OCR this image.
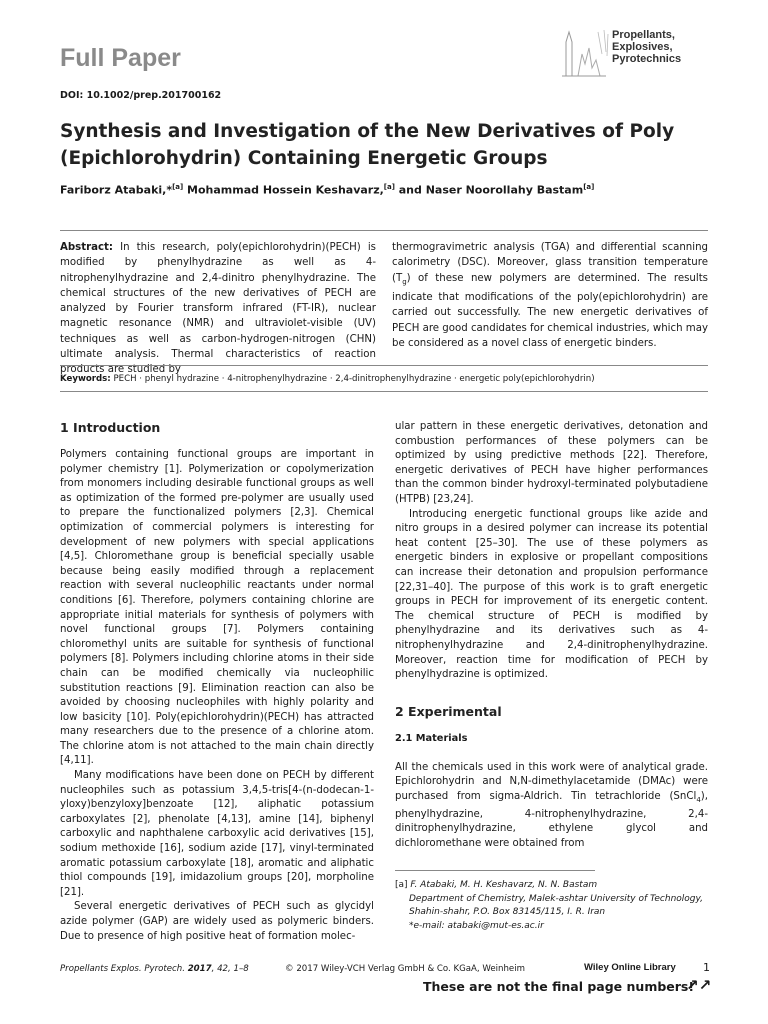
Full Paper
Propellants,
Explosives,
Pyrotechnics
DOI: 10.1002/prep.201700162
Synthesis and Investigation of the New Derivatives of Poly (Epichlorohydrin) Containing Energetic Groups
Fariborz Atabaki,*[a] Mohammad Hossein Keshavarz,[a] and Naser Noorollahy Bastam[a]
Abstract: In this research, poly(epichlorohydrin)(PECH) is modified by phenylhydrazine as well as 4-nitrophenylhydrazine and 2,4-dinitro phenylhydrazine. The chemical structures of the new derivatives of PECH are analyzed by Fourier transform infrared (FT-IR), nuclear magnetic resonance (NMR) and ultraviolet-visible (UV) techniques as well as carbon-hydrogen-nitrogen (CHN) ultimate analysis. Thermal characteristics of reaction products are studied by
thermogravimetric analysis (TGA) and differential scanning calorimetry (DSC). Moreover, glass transition temperature $(T_g)$ of these new polymers are determined. The results indicate that modifications of the poly(epichlorohydrin) are carried out successfully. The new energetic derivatives of PECH are good candidates for chemical industries, which may be considered as a novel class of energetic binders.
Keywords: PECH · phenyl hydrazine · 4-nitrophenylhydrazine · 2,4-dinitrophenylhydrazine · energetic poly(epichlorohydrin)
1 Introduction

Polymers containing functional groups are important in polymer chemistry [1]. Polymerization or copolymerization from monomers including desirable functional groups as well as optimization of the formed pre-polymer are usually used to prepare the functionalized polymers [2,3]. Chemical optimization of commercial polymers is interesting for development of new polymers with special applications [4,5]. Chloromethane group is beneficial specially usable because being easily modified through a replacement reaction with several nucleophilic reactants under normal conditions [6]. Therefore, polymers containing chlorine are appropriate initial materials for synthesis of polymers with novel functional groups [7]. Polymers containing chloromethyl units are suitable for synthesis of functional polymers [8]. Polymers including chlorine atoms in their side chain can be modified chemically via nucleophilic substitution reactions [9]. Elimination reaction can also be avoided by choosing nucleophiles with highly polarity and low basicity [10]. Poly(epichlorohydrin)(PECH) has attracted many researchers due to the presence of a chlorine atom. The chlorine atom is not attached to the main chain directly [4,11].

Many modifications have been done on PECH by different nucleophiles such as potassium 3,4,5-tris[4-(n-dodecan-1-yloxy)benzyloxy]benzoate [12], aliphatic potassium carboxylates [2], phenolate [4,13], amine [14], biphenyl carboxylic and naphthalene carboxylic acid derivatives [15], sodium methoxide [16], sodium azide [17], vinyl-terminated aromatic potassium carboxylate [18], aromatic and aliphatic thiol compounds [19], imidazolium groups [20], morpholine [21].

Several energetic derivatives of PECH such as glycidyl azide polymer (GAP) are widely used as polymeric binders. Due to presence of high positive heat of formation molec-

ular pattern in these energetic derivatives, detonation and combustion performances of these polymers can be optimized by using predictive methods [22]. Therefore, energetic derivatives of PECH have higher performances than the common binder hydroxyl-terminated polybutadiene (HTPB) [23,24].

Introducing energetic functional groups like azide and nitro groups in a desired polymer can increase its potential heat content [25–30]. The use of these polymers as energetic binders in explosive or propellant compositions can increase their detonation and propulsion performance [22,31–40]. The purpose of this work is to graft energetic groups in PECH for improvement of its energetic content. The chemical structure of PECH is modified by phenylhydrazine and its derivatives such as 4-nitrophenylhydrazine and 2,4-dinitrophenylhydrazine. Moreover, reaction time for modification of PECH by phenylhydrazine is optimized.

2 Experimental
2.1 Materials

All the chemicals used in this work were of analytical grade. Epichlorohydrin and N,N-dimethylacetamide (DMAc) were purchased from sigma-Aldrich. Tin tetrachloride (SnCl$_4$), phenylhydrazine, 4-nitrophenylhydrazine, 2,4-dinitrophenylhydrazine, ethylene glycol and dichloromethane were obtained from

[a] F. Atabaki, M. H. Keshavarz, N. N. Bastam
Department of Chemistry, Malek-ashtar University of Technology,
Shahin-shahr, P.O. Box 83145/115, I. R. Iran
*e-mail: atabaki@mut-es.ac.ir
Propellants Explos. Pyrotech. 2017, 42, 1–8	© 2017 Wiley-VCH Verlag GmbH & Co. KGaA, Weinheim	Wiley Online Library 1
These are not the final page numbers!
↗↗
